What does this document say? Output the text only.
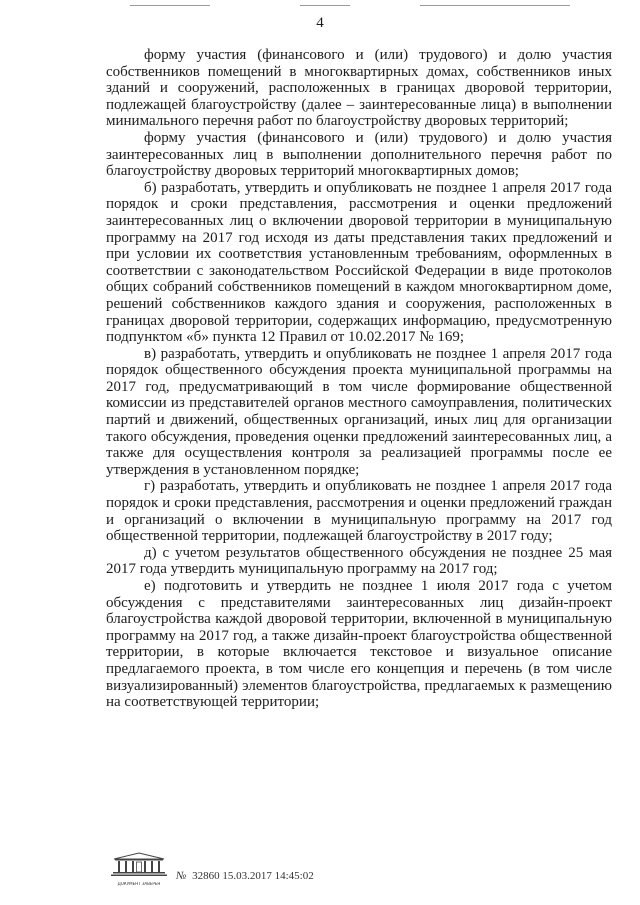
4

форму участия (финансового и (или) трудового) и долю участия собственников помещений в многоквартирных домах, собственников иных зданий и сооружений, расположенных в границах дворовой территории, подлежащей благоустройству (далее – заинтересованные лица) в выполнении минимального перечня работ по благоустройству дворовых территорий;

форму участия (финансового и (или) трудового) и долю участия заинтересованных лиц в выполнении дополнительного перечня работ по благоустройству дворовых территорий многоквартирных домов;

б) разработать, утвердить и опубликовать не позднее 1 апреля 2017 года порядок и сроки представления, рассмотрения и оценки предложений заинтересованных лиц о включении дворовой территории в муниципальную программу на 2017 год исходя из даты представления таких предложений и при условии их соответствия установленным требованиям, оформленных в соответствии с законодательством Российской Федерации в виде протоколов общих собраний собственников помещений в каждом многоквартирном доме, решений собственников каждого здания и сооружения, расположенных в границах дворовой территории, содержащих информацию, предусмотренную подпунктом «б» пункта 12 Правил от 10.02.2017 № 169;

в) разработать, утвердить и опубликовать не позднее 1 апреля 2017 года порядок общественного обсуждения проекта муниципальной программы на 2017 год, предусматривающий в том числе формирование общественной комиссии из представителей органов местного самоуправления, политических партий и движений, общественных организаций, иных лиц для организации такого обсуждения, проведения оценки предложений заинтересованных лиц, а также для осуществления контроля за реализацией программы после ее утверждения в установленном порядке;

г) разработать, утвердить и опубликовать не позднее 1 апреля 2017 года порядок и сроки представления, рассмотрения и оценки предложений граждан и организаций о включении в муниципальную программу на 2017 год общественной территории, подлежащей благоустройству в 2017 году;

д) с учетом результатов общественного обсуждения не позднее 25 мая 2017 года утвердить муниципальную программу на 2017 год;

е) подготовить и утвердить не позднее 1 июля 2017 года с учетом обсуждения с представителями заинтересованных лиц дизайн-проект благоустройства каждой дворовой территории, включенной в муниципальную программу на 2017 год, а также дизайн-проект благоустройства общественной территории, в которые включается текстовое и визуальное описание предлагаемого проекта, в том числе его концепция и перечень (в том числе визуализированный) элементов благоустройства, предлагаемых к размещению на соответствующей территории;

ДОКУМЕНТ ЗАВЕРЕН
№ 32860 15.03.2017 14:45:02
